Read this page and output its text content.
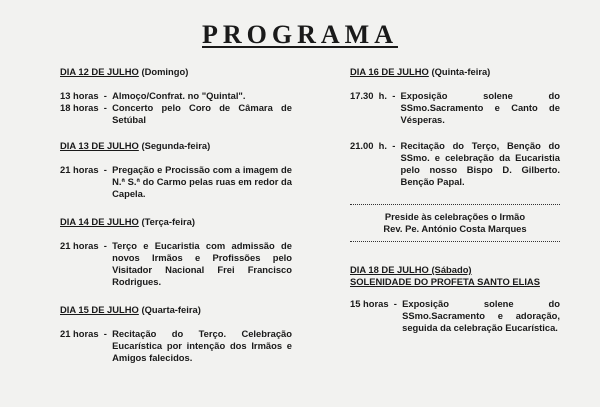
PROGRAMA
DIA 12 DE JULHO (Domingo)
13 horas  - Almoço/Confrat. no "Quintal".
18 horas  - Concerto pelo Coro de Câmara de Setúbal
DIA 13 DE JULHO (Segunda-feira)
21 horas  - Pregação e Procissão com a imagem de N.ª S.ª do Carmo pelas ruas em redor da Capela.
DIA 14 DE JULHO (Terça-feira)
21 horas  - Terço e Eucaristia com admissão de novos Irmãos e Profissões pelo Visitador Nacional Frei Francisco Rodrigues.
DIA 15 DE JULHO (Quarta-feira)
21 horas  - Recitação do Terço. Celebração Eucarística por intenção dos Irmãos e Amigos falecidos.
DIA 16 DE JULHO (Quinta-feira)
17.30  h.  - Exposição solene do SSmo.Sacramento e Canto de Vésperas.
21.00  h.  - Recitação do Terço, Benção do SSmo. e celebração da Eucaristia pelo nosso Bispo D. Gilberto. Benção Papal.
Preside às celebrações o Irmão
Rev. Pe. António Costa Marques
DIA 18 DE JULHO (Sábado)
SOLENIDADE DO PROFETA SANTO ELIAS
15 horas  - Exposição solene do SSmo.Sacramento e adoração, seguida da celebração Eucarística.
